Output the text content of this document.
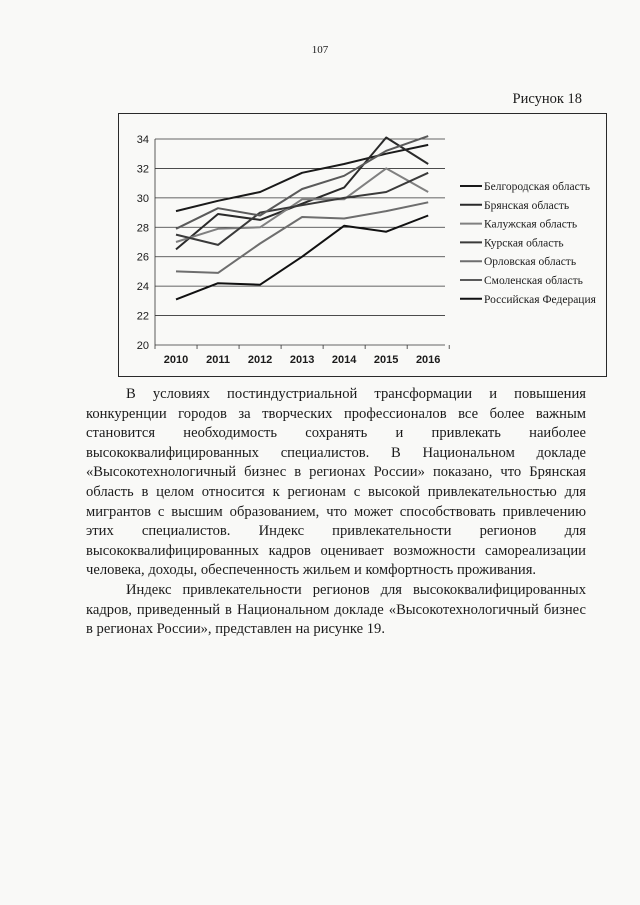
107
Рисунок 18
20
22
24
26
28
30
32
34
2010 2011 2012 2013 2014 2015 2016
Белгородская область
Брянская область
Калужская область
Курская область
Орловская область
Смоленская область
Российская Федерация

В условиях постиндустриальной трансформации и повышения конкуренции городов за творческих профессионалов все более важным становится необходимость сохранять и привлекать наиболее высококвалифицированных специалистов. В Национальном докладе «Высокотехнологичный бизнес в регионах России» показано, что Брянская область в целом относится к регионам с высокой привлекательностью для мигрантов с высшим образованием, что может способствовать привлечению этих специалистов. Индекс привлекательности регионов для высококвалифицированных кадров оценивает возможности самореализации человека, доходы, обеспеченность жильем и комфортность проживания.

Индекс привлекательности регионов для высококвалифицированных кадров, приведенный в Национальном докладе «Высокотехнологичный бизнес в регионах России», представлен на рисунке 19.
